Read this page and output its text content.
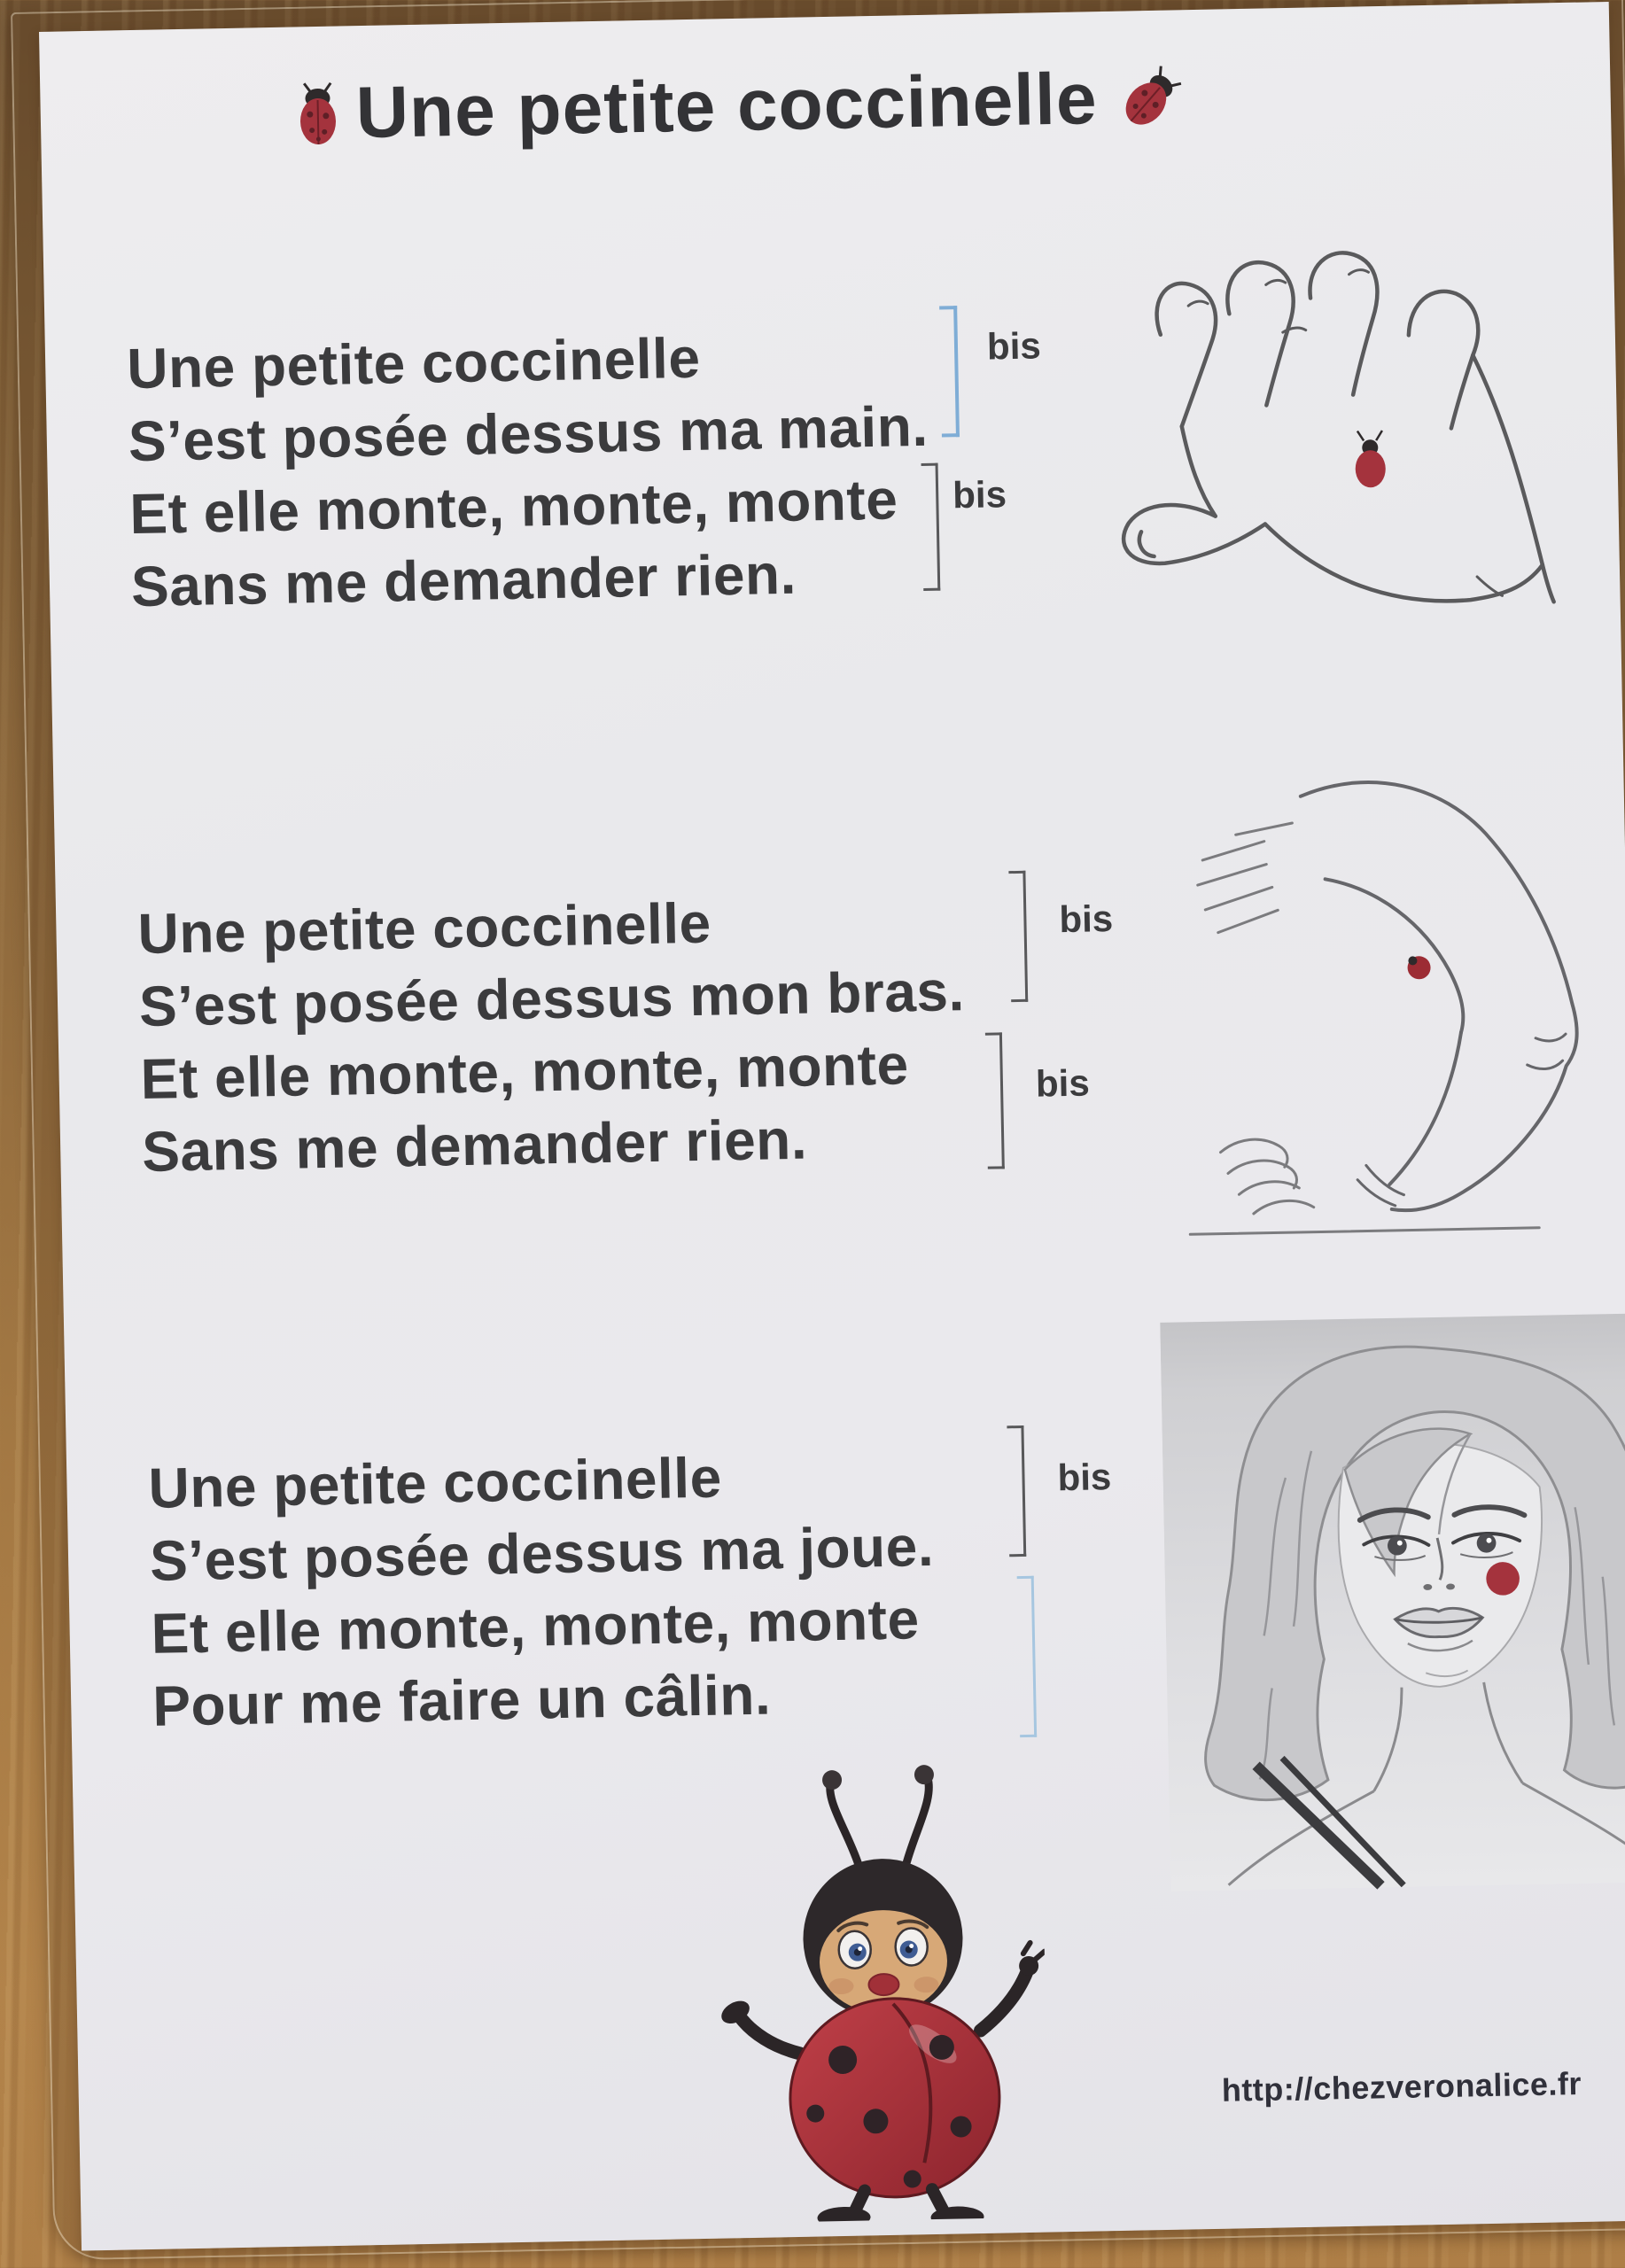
Une petite coccinelle
Une petite coccinelle
S’est posée dessus ma main.
Et elle monte, monte, monte
Sans me demander rien.
bis
bis
Une petite coccinelle
S’est posée dessus mon bras.
Et elle monte, monte, monte
Sans me demander rien.
bis
bis
Une petite coccinelle
S’est posée dessus ma joue.
Et elle monte, monte, monte
Pour me faire un câlin.
bis
http://chezveronalice.fr
